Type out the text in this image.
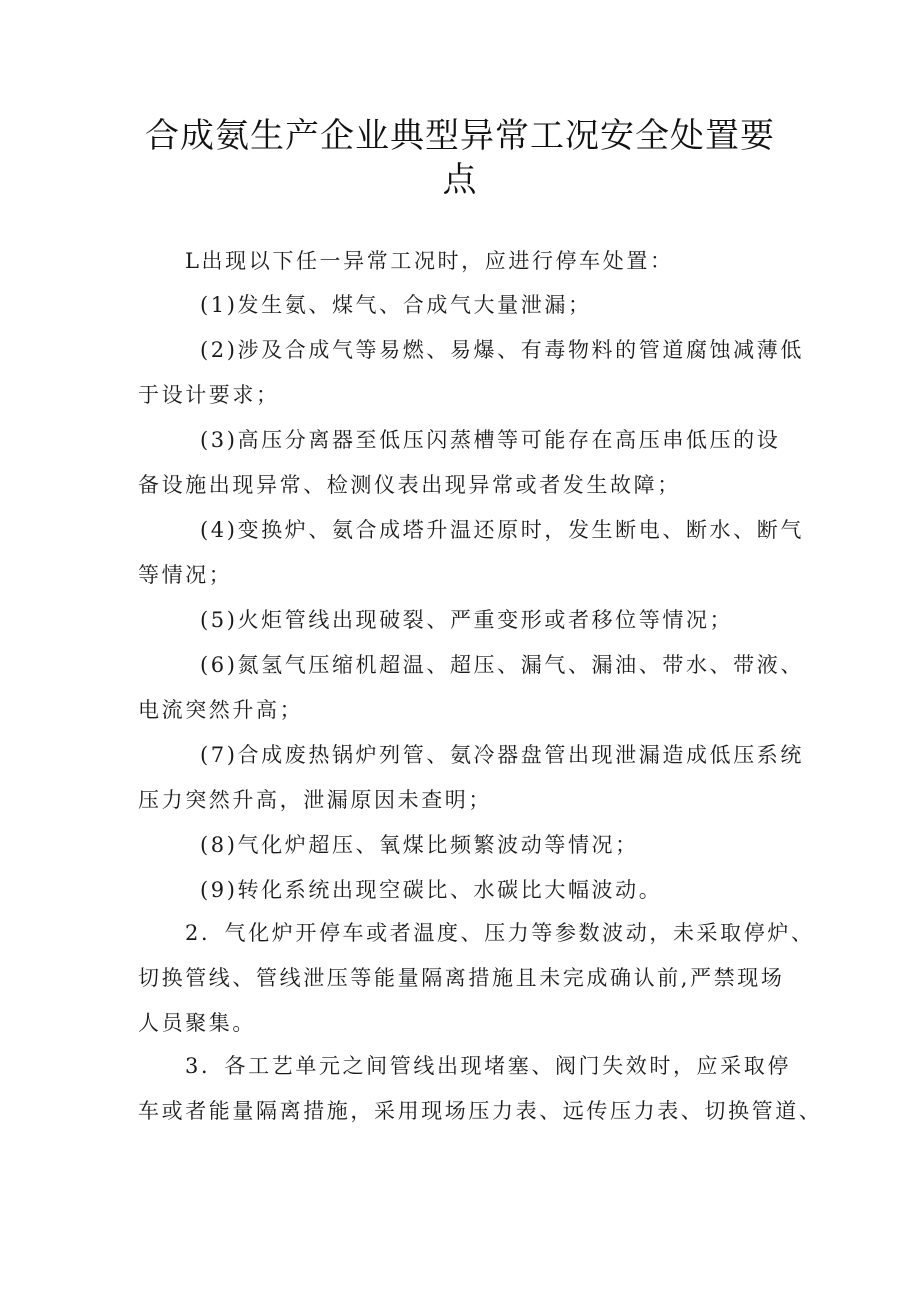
合成氨生产企业典型异常工况安全处置要
点

L出现以下任一异常工况时，应进行停车处置：

(1)发生氨、煤气、合成气大量泄漏；

(2)涉及合成气等易燃、易爆、有毒物料的管道腐蚀减薄低

于设计要求；

(3)高压分离器至低压闪蒸槽等可能存在高压串低压的设

备设施出现异常、检测仪表出现异常或者发生故障；

(4)变换炉、氨合成塔升温还原时，发生断电、断水、断气

等情况；

(5)火炬管线出现破裂、严重变形或者移位等情况；

(6)氮氢气压缩机超温、超压、漏气、漏油、带水、带液、

电流突然升高；

(7)合成废热锅炉列管、氨冷器盘管出现泄漏造成低压系统

压力突然升高，泄漏原因未查明；

(8)气化炉超压、氧煤比频繁波动等情况；

(9)转化系统出现空碳比、水碳比大幅波动。

2．气化炉开停车或者温度、压力等参数波动，未采取停炉、

切换管线、管线泄压等能量隔离措施且未完成确认前,严禁现场

人员聚集。

3．各工艺单元之间管线出现堵塞、阀门失效时，应采取停

车或者能量隔离措施，采用现场压力表、远传压力表、切换管道、
